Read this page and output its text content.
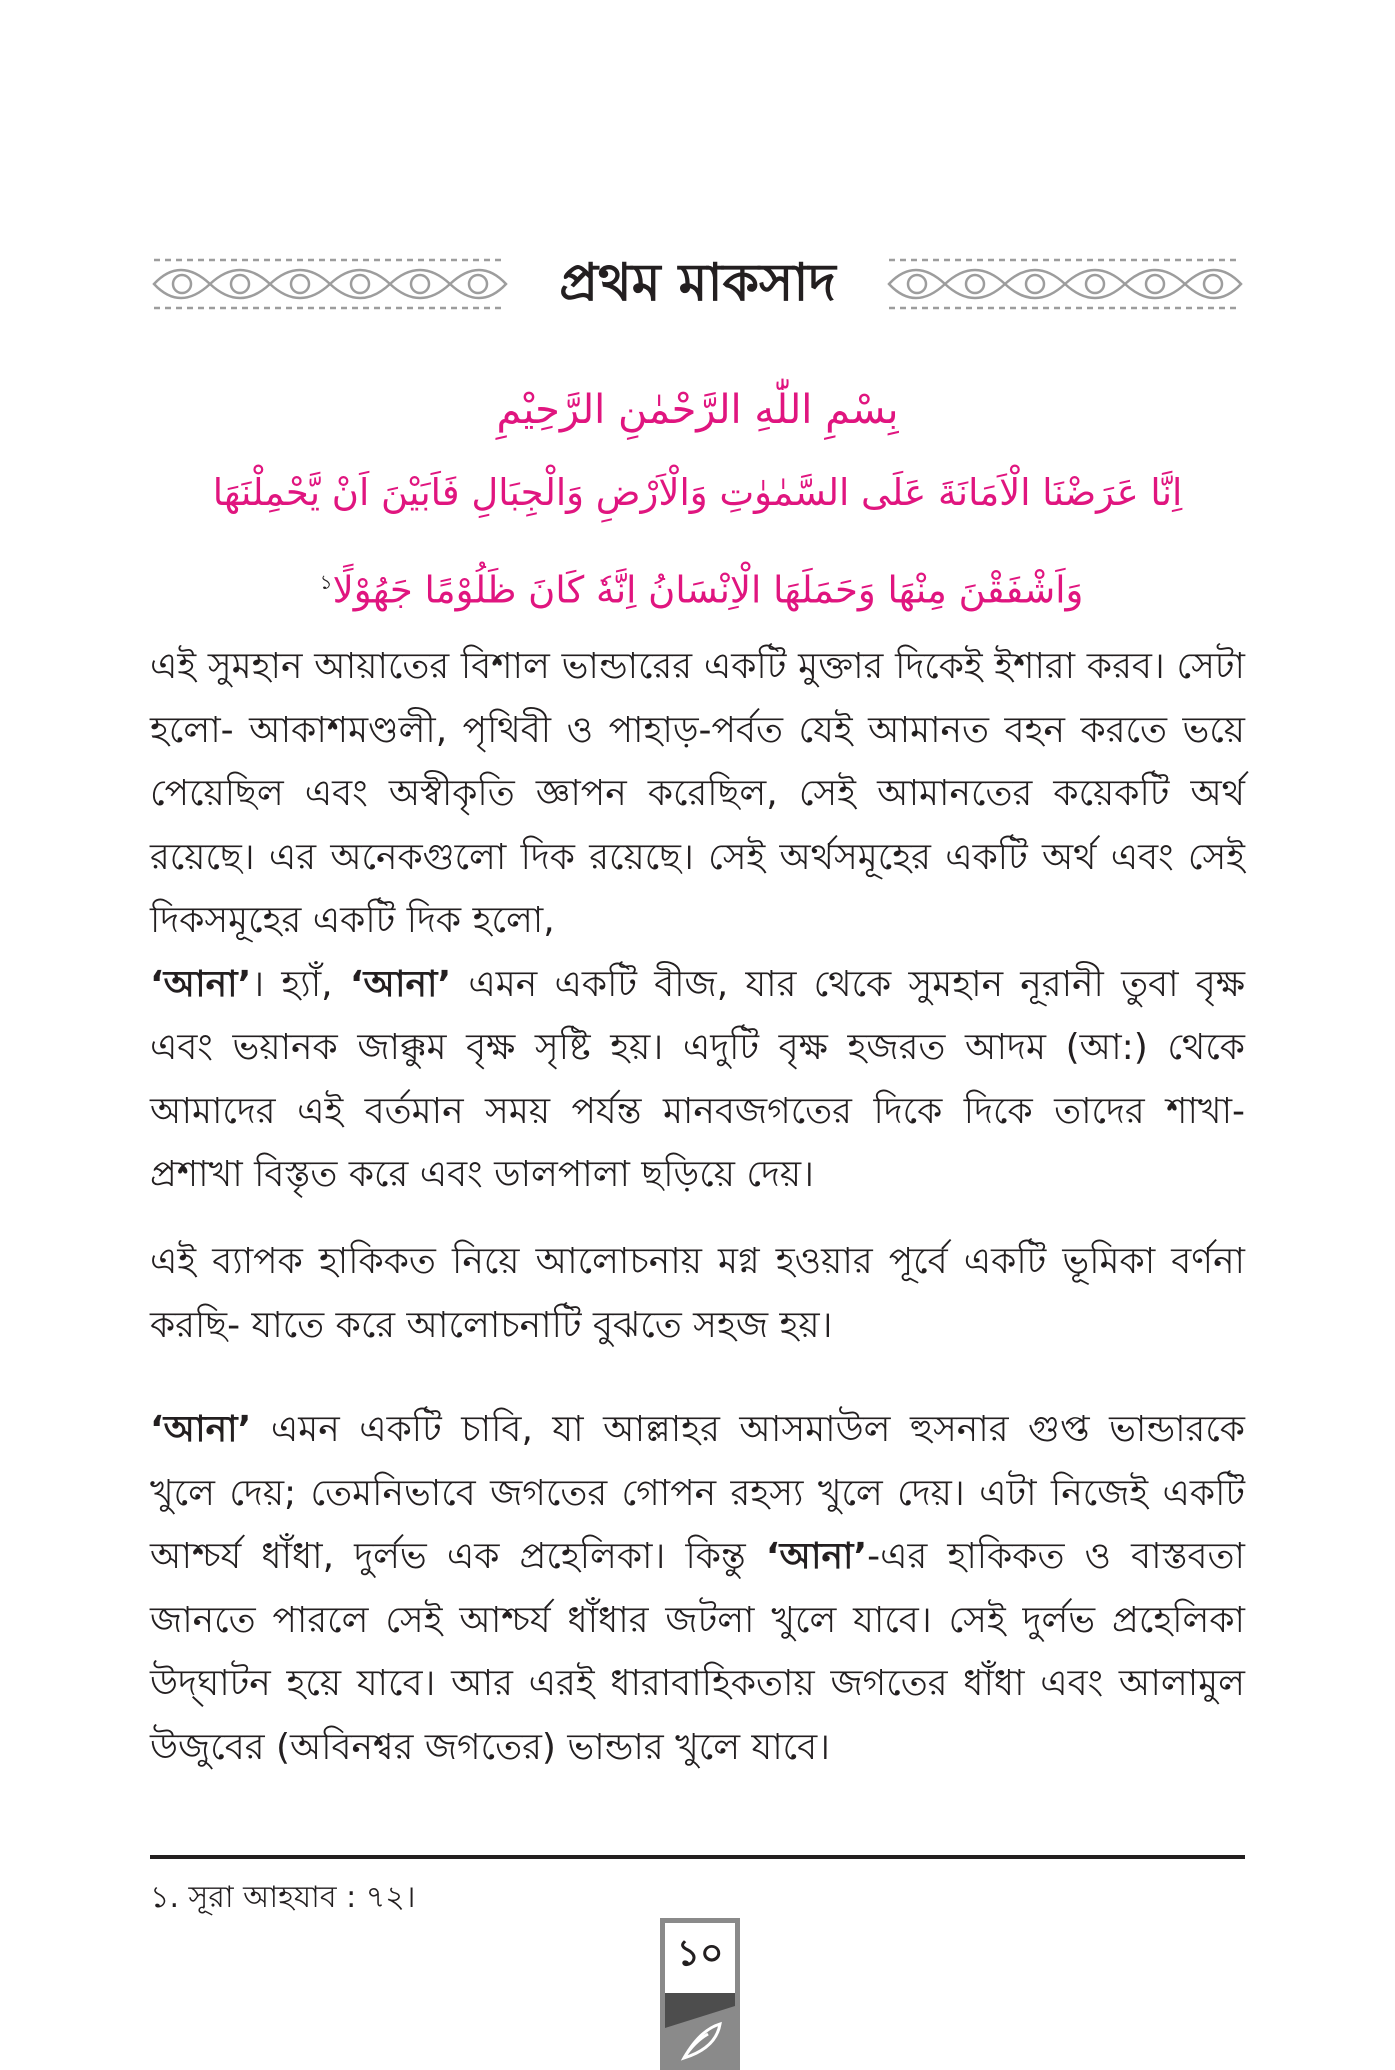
প্রথম মাকসাদ
بِسْمِ اللّٰهِ الرَّحْمٰنِ الرَّحِيْمِ
اِنَّا عَرَضْنَا الْاَمَانَةَ عَلَى السَّمٰوٰتِ وَالْاَرْضِ وَالْجِبَالِ فَاَبَيْنَ اَنْ يَّحْمِلْنَهَا
وَاَشْفَقْنَ مِنْهَا وَحَمَلَهَا الْاِنْسَانُ اِنَّهٗ كَانَ ظَلُوْمًا جَهُوْلًا$^১$

এই সুমহান আয়াতের বিশাল ভান্ডারের একটি মুক্তার দিকেই ইশারা করব। সেটা হলো- আকাশমণ্ডলী, পৃথিবী ও পাহাড়-পর্বত যেই আমানত বহন করতে ভয়ে পেয়েছিল এবং অস্বীকৃতি জ্ঞাপন করেছিল, সেই আমানতের কয়েকটি অর্থ রয়েছে। এর অনেকগুলো দিক রয়েছে। সেই অর্থসমূহের একটি অর্থ এবং সেই দিকসমূহের একটি দিক হলো,
‘আনা’। হ্যাঁ, ‘আনা’ এমন একটি বীজ, যার থেকে সুমহান নূরানী তুবা বৃক্ষ এবং ভয়ানক জাক্কুম বৃক্ষ সৃষ্টি হয়। এদুটি বৃক্ষ হজরত আদম (আ:) থেকে আমাদের এই বর্তমান সময় পর্যন্ত মানবজগতের দিকে দিকে তাদের শাখা-প্রশাখা বিস্তৃত করে এবং ডালপালা ছড়িয়ে দেয়।

এই ব্যাপক হাকিকত নিয়ে আলোচনায় মগ্ন হওয়ার পূর্বে একটি ভূমিকা বর্ণনা করছি- যাতে করে আলোচনাটি বুঝতে সহজ হয়।

‘আনা’ এমন একটি চাবি, যা আল্লাহর আসমাউল হুসনার গুপ্ত ভান্ডারকে খুলে দেয়; তেমনিভাবে জগতের গোপন রহস্য খুলে দেয়। এটা নিজেই একটি আশ্চর্য ধাঁধা, দুর্লভ এক প্রহেলিকা। কিন্তু ‘আনা’-এর হাকিকত ও বাস্তবতা জানতে পারলে সেই আশ্চর্য ধাঁধার জটলা খুলে যাবে। সেই দুর্লভ প্রহেলিকা উদ্‌ঘাটন হয়ে যাবে। আর এরই ধারাবাহিকতায় জগতের ধাঁধা এবং আলামুল উজুবের (অবিনশ্বর জগতের) ভান্ডার খুলে যাবে।

১. সূরা আহযাব : ৭২।
১০
